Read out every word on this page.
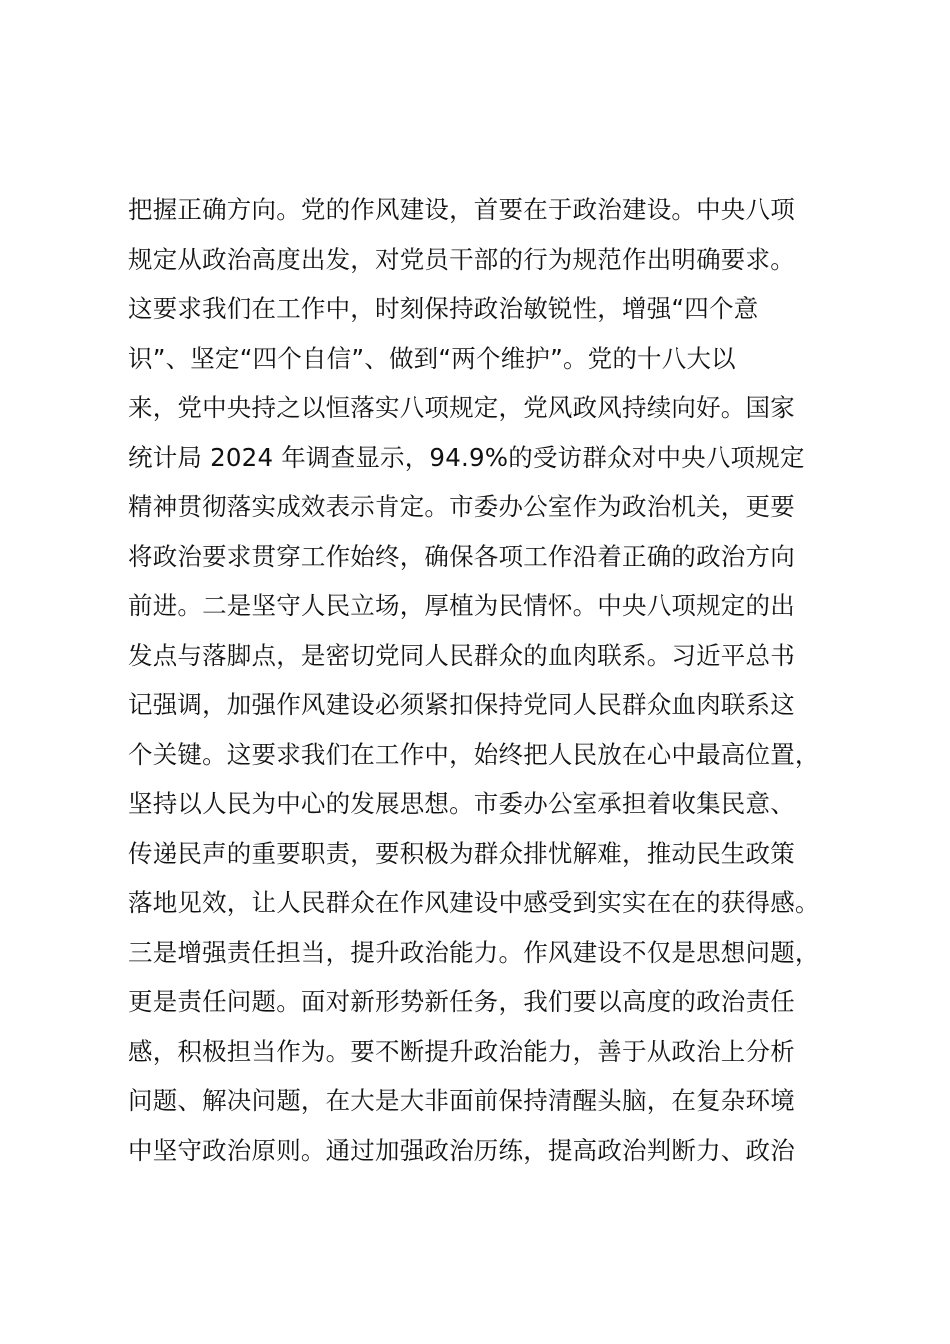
把握正确方向。党的作风建设，首要在于政治建设。中央八项
规定从政治高度出发，对党员干部的行为规范作出明确要求。
这要求我们在工作中，时刻保持政治敏锐性，增强“四个意
识”、坚定“四个自信”、做到“两个维护”。党的十八大以
来，党中央持之以恒落实八项规定，党风政风持续向好。国家
统计局 2024 年调查显示，94.9%的受访群众对中央八项规定
精神贯彻落实成效表示肯定。市委办公室作为政治机关，更要
将政治要求贯穿工作始终，确保各项工作沿着正确的政治方向
前进。二是坚守人民立场，厚植为民情怀。中央八项规定的出
发点与落脚点，是密切党同人民群众的血肉联系。习近平总书
记强调，加强作风建设必须紧扣保持党同人民群众血肉联系这
个关键。这要求我们在工作中，始终把人民放在心中最高位置，
坚持以人民为中心的发展思想。市委办公室承担着收集民意、
传递民声的重要职责，要积极为群众排忧解难，推动民生政策
落地见效，让人民群众在作风建设中感受到实实在在的获得感。
三是增强责任担当，提升政治能力。作风建设不仅是思想问题，
更是责任问题。面对新形势新任务，我们要以高度的政治责任
感，积极担当作为。要不断提升政治能力，善于从政治上分析
问题、解决问题，在大是大非面前保持清醒头脑，在复杂环境
中坚守政治原则。通过加强政治历练，提高政治判断力、政治
